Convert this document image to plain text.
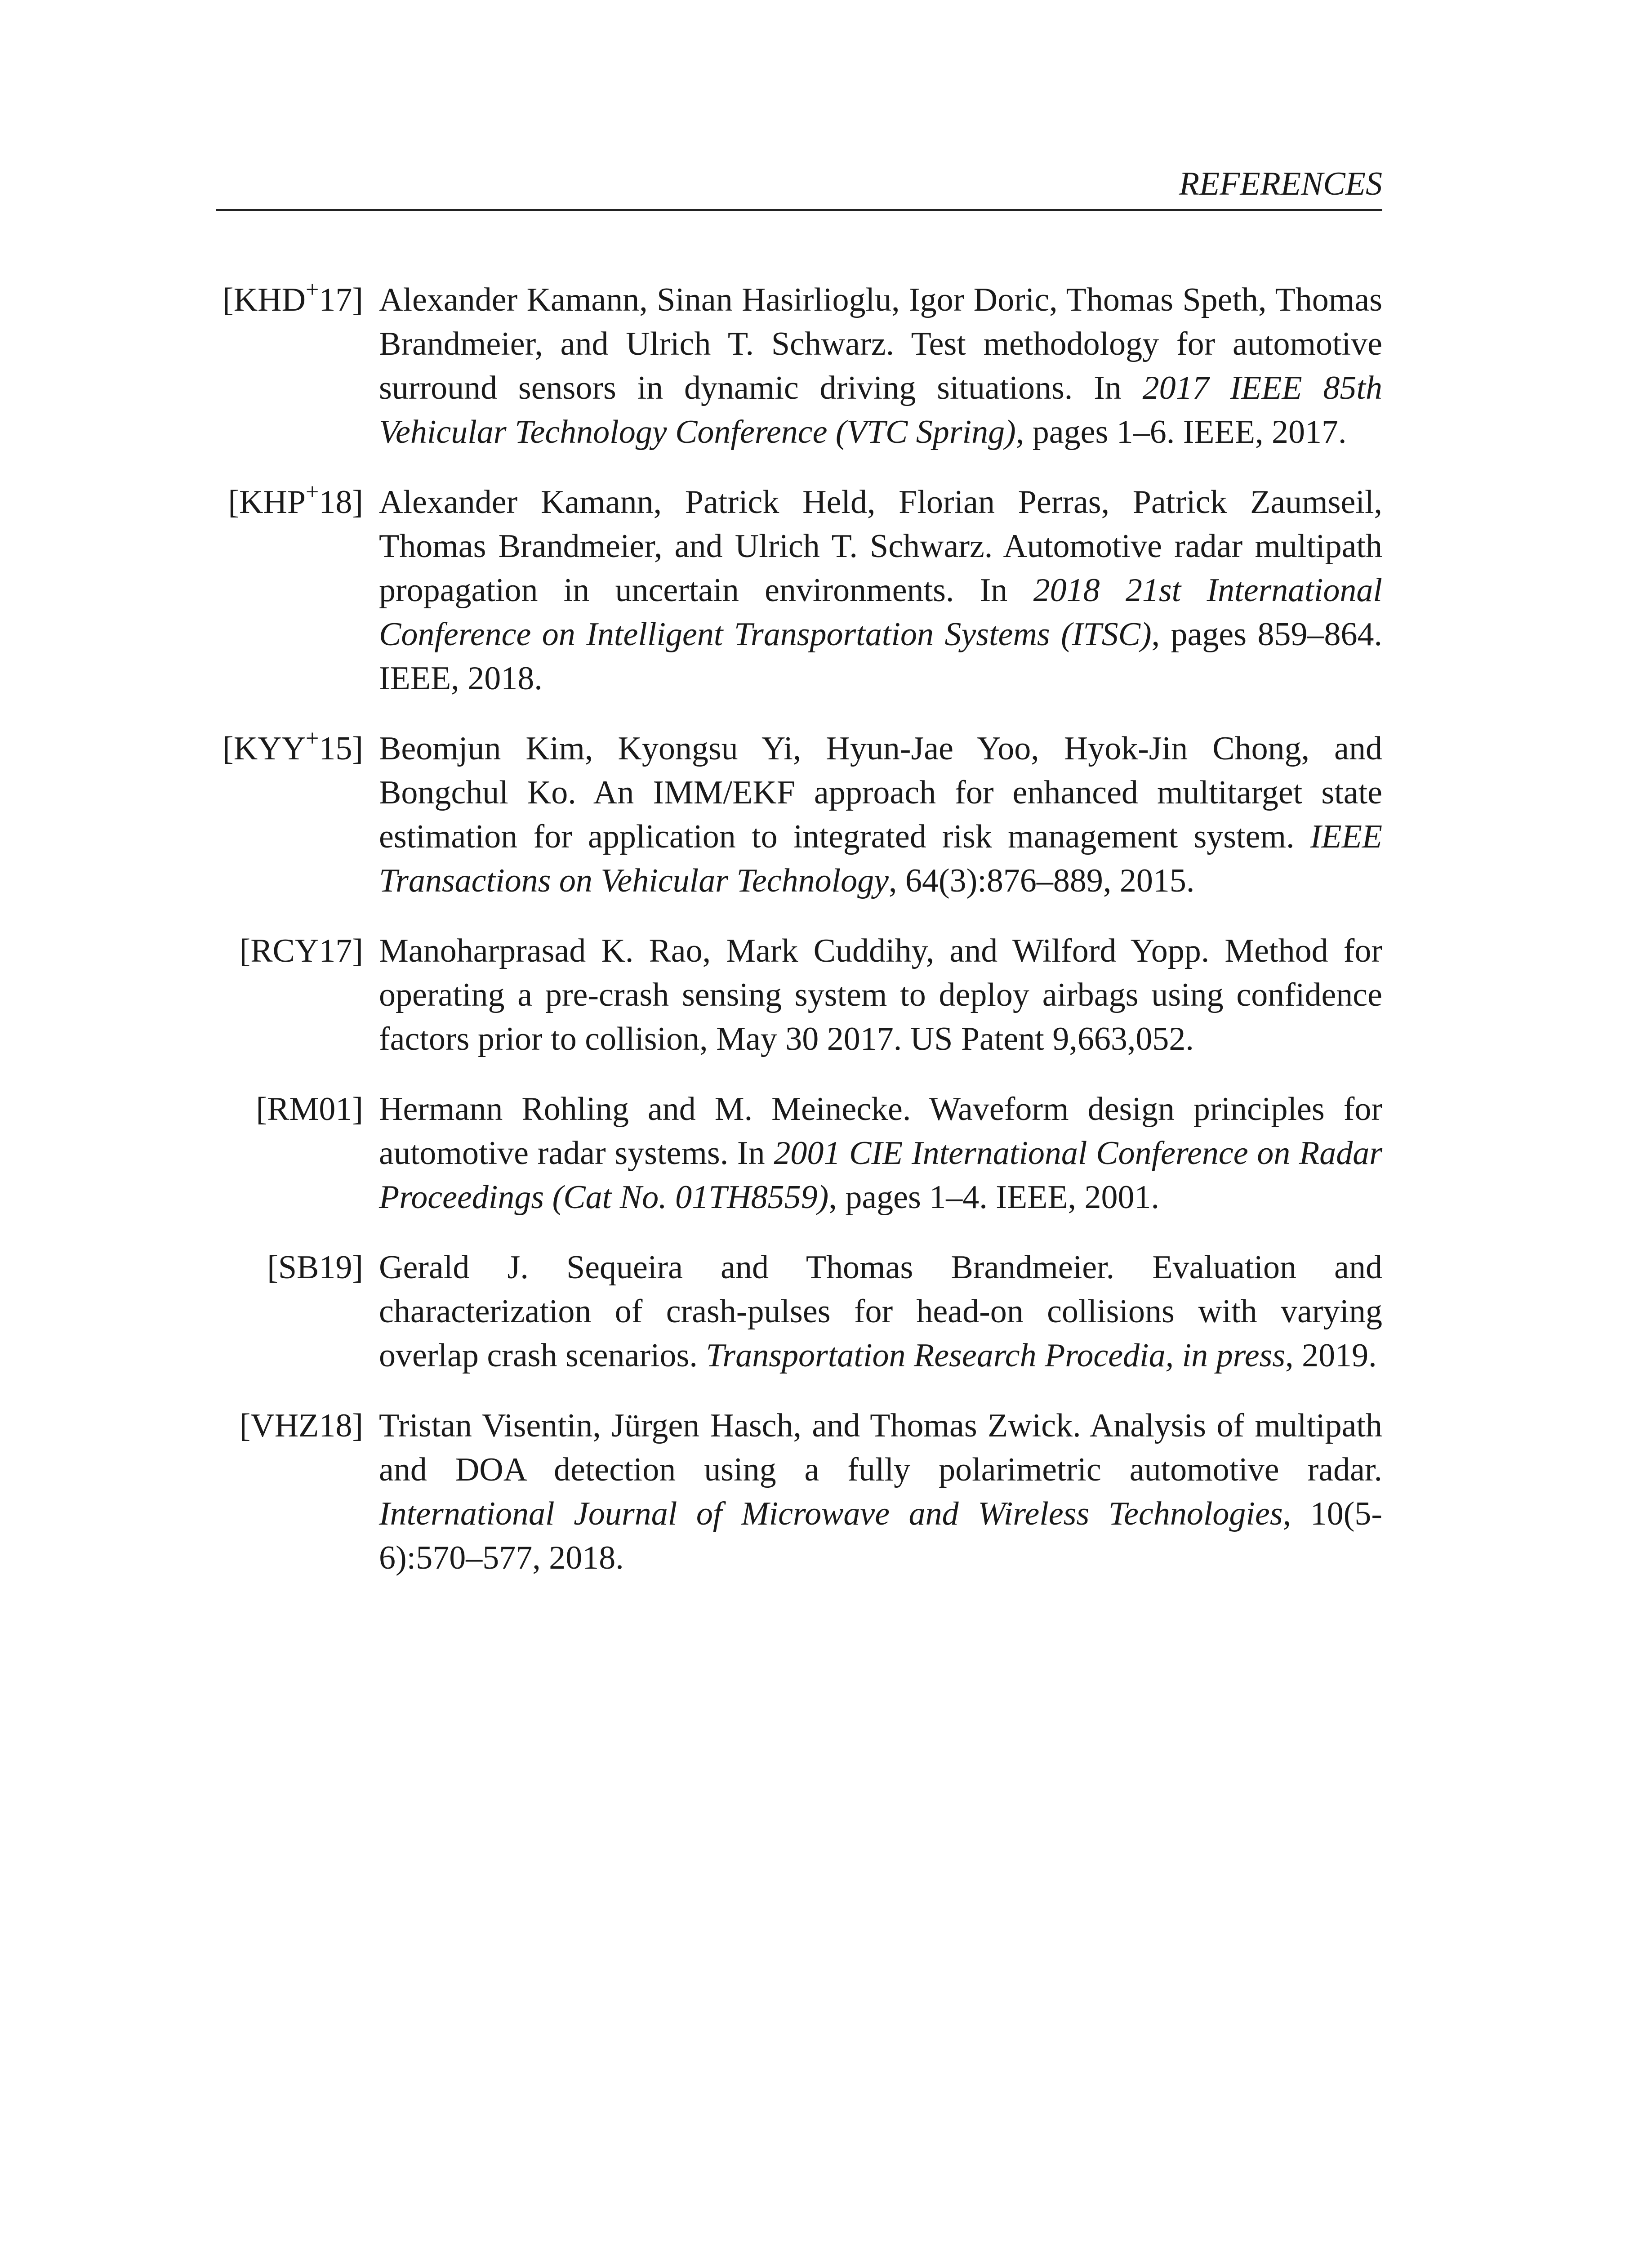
REFERENCES
[KHD+17] Alexander Kamann, Sinan Hasirlioglu, Igor Doric, Thomas Speth, Thomas Brandmeier, and Ulrich T. Schwarz. Test methodology for automotive surround sensors in dynamic driving situations. In 2017 IEEE 85th Vehicular Technology Conference (VTC Spring), pages 1–6. IEEE, 2017.
[KHP+18] Alexander Kamann, Patrick Held, Florian Perras, Patrick Zaumseil, Thomas Brandmeier, and Ulrich T. Schwarz. Automotive radar multipath propagation in uncertain environments. In 2018 21st International Conference on Intelligent Transportation Systems (ITSC), pages 859–864. IEEE, 2018.
[KYY+15] Beomjun Kim, Kyongsu Yi, Hyun-Jae Yoo, Hyok-Jin Chong, and Bongchul Ko. An IMM/EKF approach for enhanced multitarget state estimation for application to integrated risk management system. IEEE Transactions on Vehicular Technology, 64(3):876–889, 2015.
[RCY17] Manoharprasad K. Rao, Mark Cuddihy, and Wilford Yopp. Method for operating a pre-crash sensing system to deploy airbags using confidence factors prior to collision, May 30 2017. US Patent 9,663,052.
[RM01] Hermann Rohling and M. Meinecke. Waveform design principles for automotive radar systems. In 2001 CIE International Conference on Radar Proceedings (Cat No. 01TH8559), pages 1–4. IEEE, 2001.
[SB19] Gerald J. Sequeira and Thomas Brandmeier. Evaluation and characterization of crash-pulses for head-on collisions with varying overlap crash scenarios. Transportation Research Procedia, in press, 2019.
[VHZ18] Tristan Visentin, Jürgen Hasch, and Thomas Zwick. Analysis of multipath and DOA detection using a fully polarimetric automotive radar. International Journal of Microwave and Wireless Technologies, 10(5-6):570–577, 2018.
